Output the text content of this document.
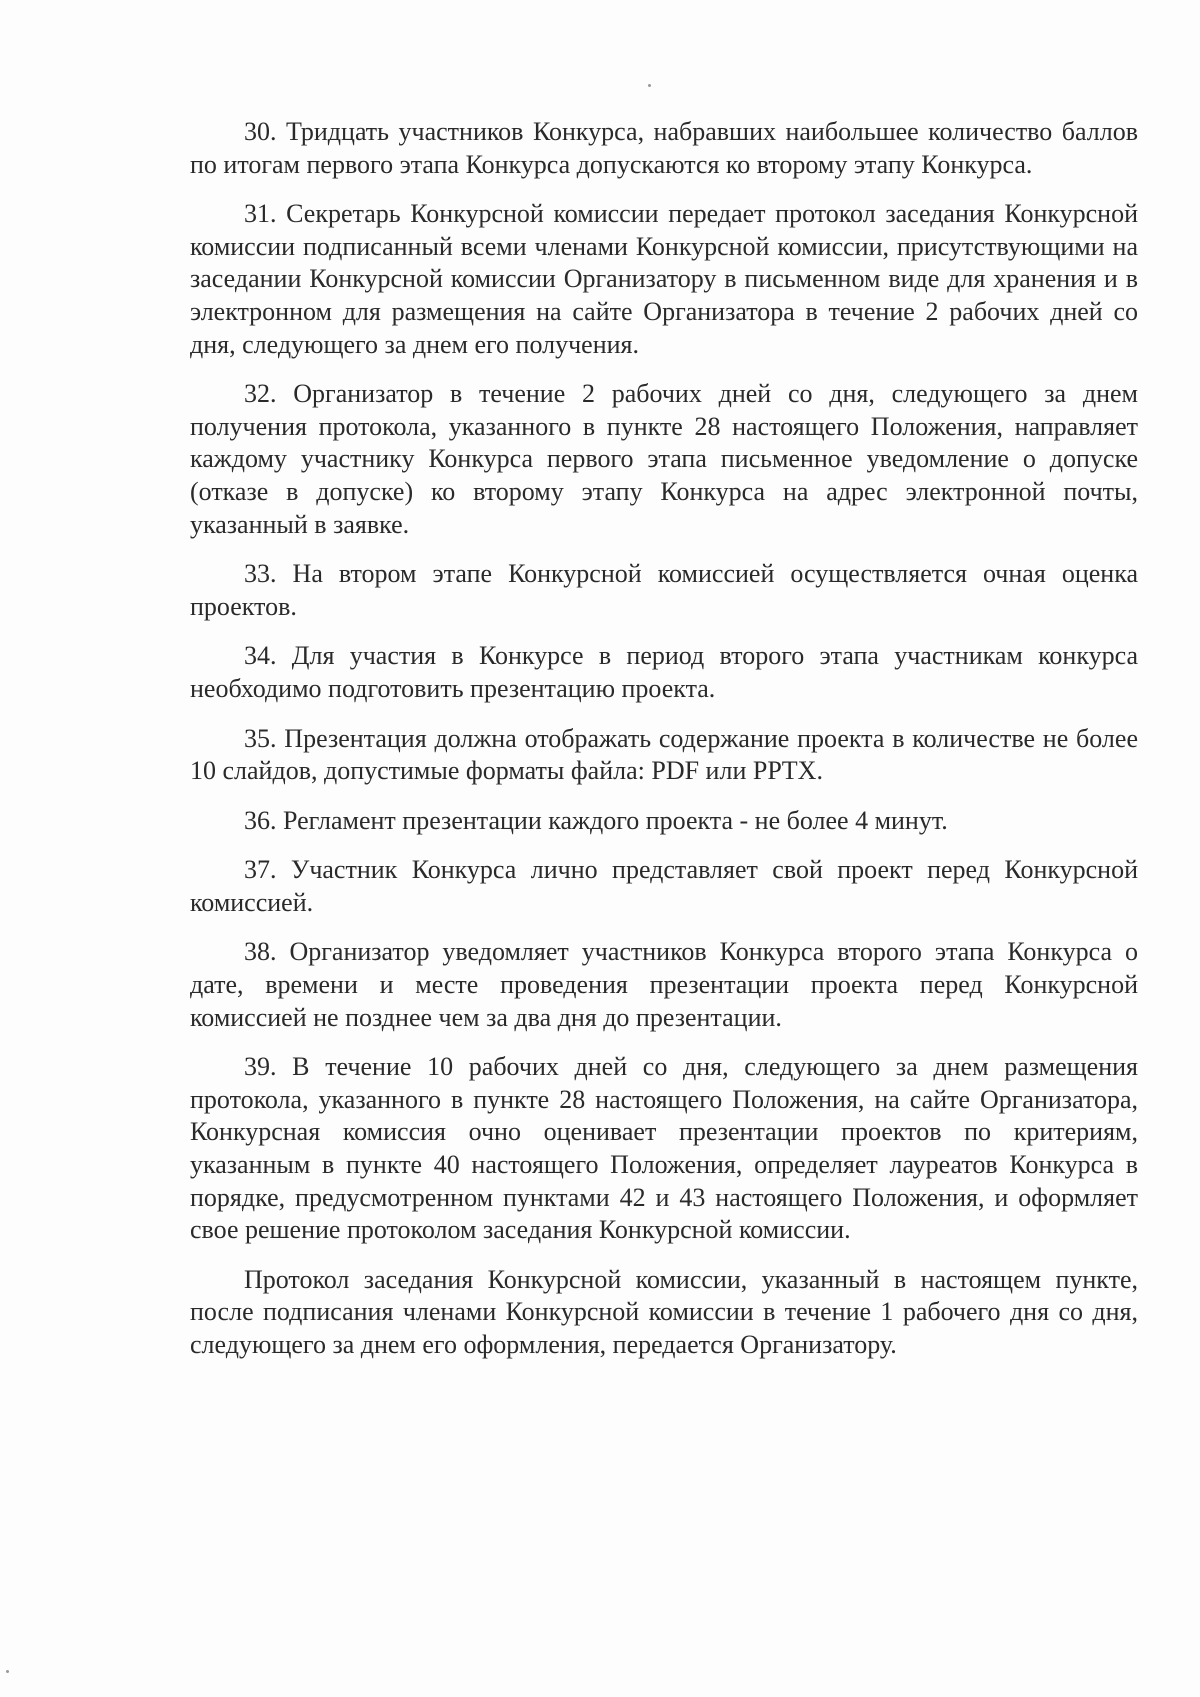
30. Тридцать участников Конкурса, набравших наибольшее количество баллов по итогам первого этапа Конкурса допускаются ко второму этапу Конкурса.

31. Секретарь Конкурсной комиссии передает протокол заседания Конкурсной комиссии подписанный всеми членами Конкурсной комиссии, присутствующими на заседании Конкурсной комиссии Организатору в письменном виде для хранения и в электронном для размещения на сайте Организатора в течение 2 рабочих дней со дня, следующего за днем его получения.

32. Организатор в течение 2 рабочих дней со дня, следующего за днем получения протокола, указанного в пункте 28 настоящего Положения, направляет каждому участнику Конкурса первого этапа письменное уведомление о допуске (отказе в допуске) ко второму этапу Конкурса на адрес электронной почты, указанный в заявке.

33. На втором этапе Конкурсной комиссией осуществляется очная оценка проектов.

34. Для участия в Конкурсе в период второго этапа участникам конкурса необходимо подготовить презентацию проекта.

35. Презентация должна отображать содержание проекта в количестве не более 10 слайдов, допустимые форматы файла: PDF или PPTX.

36. Регламент презентации каждого проекта - не более 4 минут.

37. Участник Конкурса лично представляет свой проект перед Конкурсной комиссией.

38. Организатор уведомляет участников Конкурса второго этапа Конкурса о дате, времени и месте проведения презентации проекта перед Конкурсной комиссией не позднее чем за два дня до презентации.

39. В течение 10 рабочих дней со дня, следующего за днем размещения протокола, указанного в пункте 28 настоящего Положения, на сайте Организатора, Конкурсная комиссия очно оценивает презентации проектов по критериям, указанным в пункте 40 настоящего Положения, определяет лауреатов Конкурса в порядке, предусмотренном пунктами 42 и 43 настоящего Положения, и оформляет свое решение протоколом заседания Конкурсной комиссии.

Протокол заседания Конкурсной комиссии, указанный в настоящем пункте, после подписания членами Конкурсной комиссии в течение 1 рабочего дня со дня, следующего за днем его оформления, передается Организатору.
